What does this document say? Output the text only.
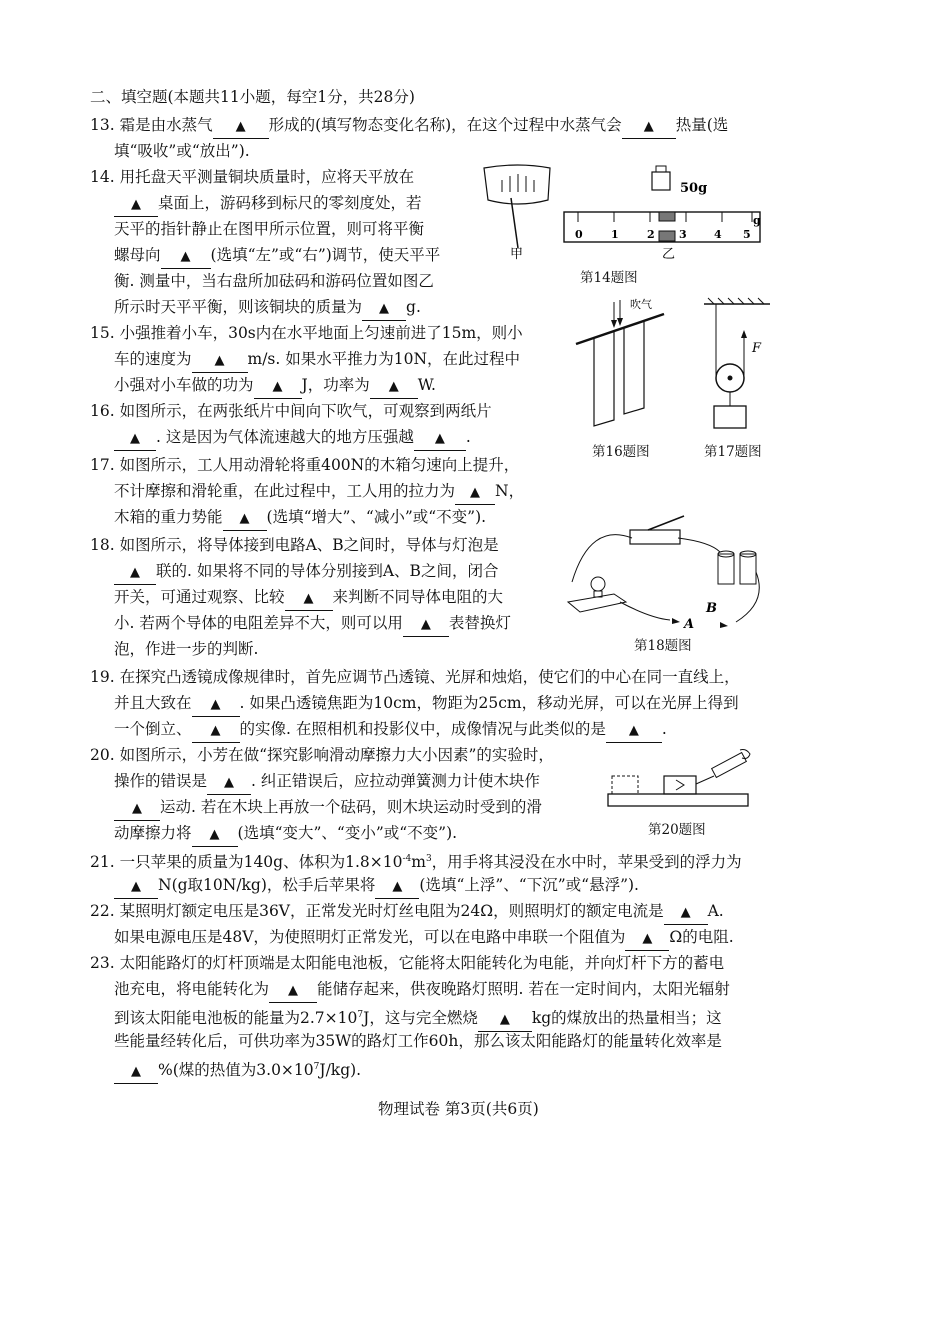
二、填空题(本题共11小题，每空1分，共28分)
13. 霜是由水蒸气 ▲ 形成的(填写物态变化名称)，在这个过程中水蒸气会 ▲ 热量(选
填“吸收”或“放出”).
14. 用托盘天平测量铜块质量时，应将天平放在
▲ 桌面上，游码移到标尺的零刻度处，若
天平的指针静止在图甲所示位置，则可将平衡
螺母向 ▲ (选填“左”或“右”)调节，使天平平
衡. 测量中，当右盘所加砝码和游码位置如图乙
所示时天平平衡，则该铜块的质量为 ▲ g.
15. 小强推着小车，30s内在水平地面上匀速前进了15m，则小
车的速度为 ▲ m/s. 如果水平推力为10N，在此过程中
小强对小车做的功为 ▲ J，功率为 ▲ W.
16. 如图所示，在两张纸片中间向下吹气，可观察到两纸片
▲ . 这是因为气体流速越大的地方压强越 ▲ .
17. 如图所示，工人用动滑轮将重400N的木箱匀速向上提升，
不计摩擦和滑轮重，在此过程中，工人用的拉力为 ▲ N，
木箱的重力势能 ▲ (选填“增大”、“减小”或“不变”).
18. 如图所示，将导体接到电路A、B之间时，导体与灯泡是
▲ 联的. 如果将不同的导体分别接到A、B之间，闭合
开关，可通过观察、比较 ▲ 来判断不同导体电阻的大
小. 若两个导体的电阻差异不大，则可以用 ▲ 表替换灯
泡，作进一步的判断.
19. 在探究凸透镜成像规律时，首先应调节凸透镜、光屏和烛焰，使它们的中心在同一直线上，
并且大致在 ▲ . 如果凸透镜焦距为10cm，物距为25cm，移动光屏，可以在光屏上得到
一个倒立、 ▲ 的实像. 在照相机和投影仪中，成像情况与此类似的是 ▲ .
20. 如图所示，小芳在做“探究影响滑动摩擦力大小因素”的实验时，
操作的错误是 ▲ . 纠正错误后，应拉动弹簧测力计使木块作
▲ 运动. 若在木块上再放一个砝码，则木块运动时受到的滑
动摩擦力将 ▲ (选填“变大”、“变小”或“不变”).
21. 一只苹果的质量为140g、体积为$1.8\times 10^{-4}m^3$，用手将其浸没在水中时，苹果受到的浮力为
▲ N(g取10N/kg)，松手后苹果将 ▲ (选填“上浮”、“下沉”或“悬浮”).
22. 某照明灯额定电压是36V，正常发光时灯丝电阻为24Ω，则照明灯的额定电流是 ▲ A.
如果电源电压是48V，为使照明灯正常发光，可以在电路中串联一个阻值为 ▲ Ω的电阻.
23. 太阳能路灯的灯杆顶端是太阳能电池板，它能将太阳能转化为电能，并向灯杆下方的蓄电
池充电，将电能转化为 ▲ 能储存起来，供夜晚路灯照明. 若在一定时间内，太阳光辐射
到该太阳能电池板的能量为$2.7\times 10^7J$，这与完全燃烧 ▲ kg的煤放出的热量相当；这
些能量经转化后，可供功率为35W的路灯工作60h，那么该太阳能路灯的能量转化效率是
▲ %(煤的热值为$3.0\times 10^7J/kg$).
物理试卷 第3页(共6页)
甲
50g
0	1	2 3 4 5
g
乙
第14题图
吹气
第16题图
F
第17题图
A
B
第18题图
第20题图
